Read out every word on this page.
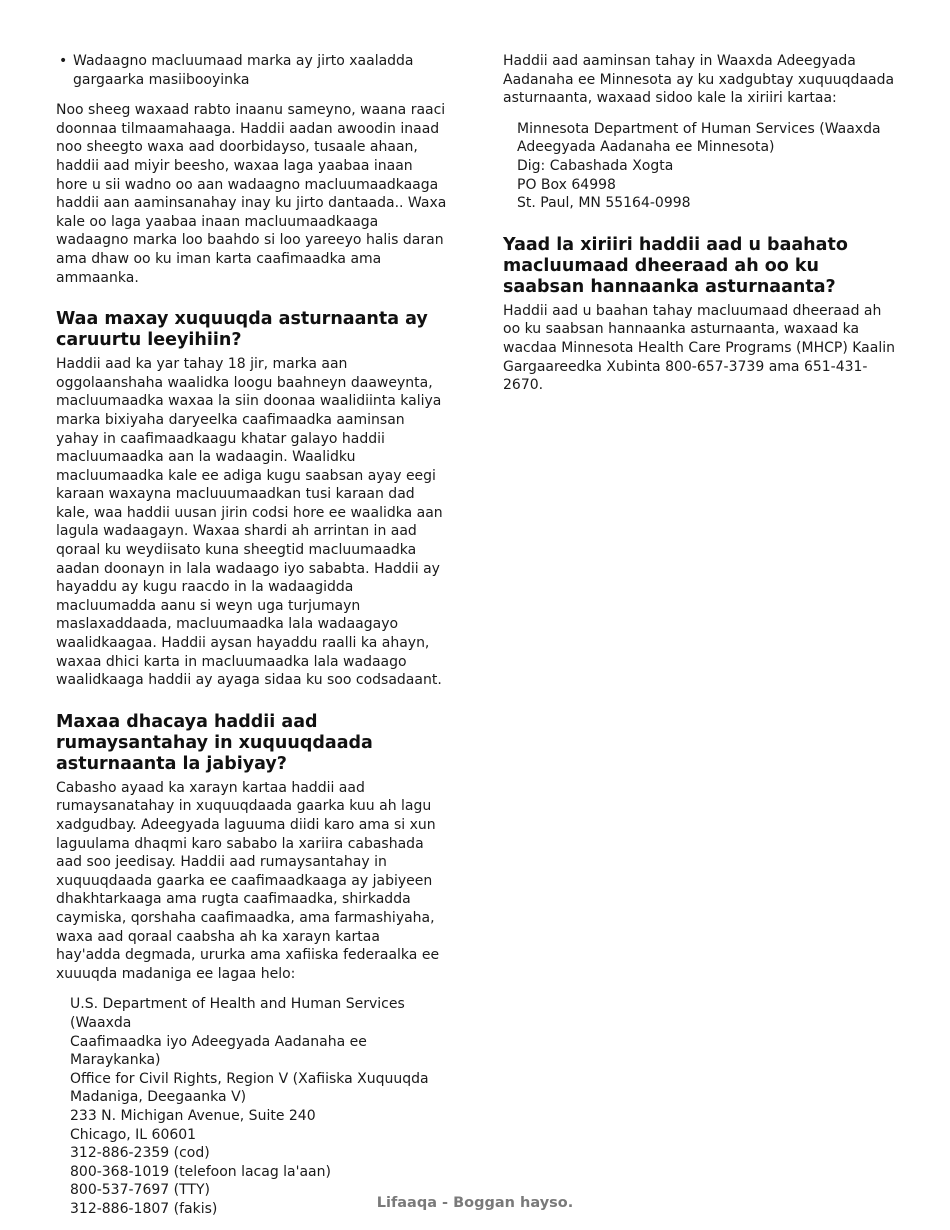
• Wadaagno macluumaad marka ay jirto xaaladda gargaarka masiibooyinka

Noo sheeg waxaad rabto inaanu sameyno, waana raaci doonnaa tilmaamahaaga. Haddii aadan awoodin inaad noo sheegto waxa aad doorbidayso, tusaale ahaan, haddii aad miyir beesho, waxaa laga yaabaa inaan hore u sii wadno oo aan wadaagno macluumaadkaaga haddii aan aaminsanahay inay ku jirto dantaada.. Waxa kale oo laga yaabaa inaan macluumaadkaaga wadaagno marka loo baahdo si loo yareeyo halis daran ama dhaw oo ku iman karta caafimaadka ama ammaanka.

Waa maxay xuquuqda asturnaanta ay caruurtu leeyihiin?

Haddii aad ka yar tahay 18 jir, marka aan oggolaanshaha waalidka loogu baahneyn daaweynta, macluumaadka waxaa la siin doonaa waalidiinta kaliya marka bixiyaha daryeelka caafimaadka aaminsan yahay in caafimaadkaagu khatar galayo haddii macluumaadka aan la wadaagin. Waalidku macluumaadka kale ee adiga kugu saabsan ayay eegi karaan waxayna macluuumaadkan tusi karaan dad kale, waa haddii uusan jirin codsi hore ee waalidka aan lagula wadaagayn. Waxaa shardi ah arrintan in aad qoraal ku weydiisato kuna sheegtid macluumaadka aadan doonayn in lala wadaago iyo sababta. Haddii ay hayaddu ay kugu raacdo in la wadaagidda macluumadda aanu si weyn uga turjumayn maslaxaddaada, macluumaadka lala wadaagayo waalidkaagaa. Haddii aysan hayaddu raalli ka ahayn, waxaa dhici karta in macluumaadka lala wadaago waalidkaaga haddii ay ayaga sidaa ku soo codsadaant.

Maxaa dhacaya haddii aad rumaysantahay in xuquuqdaada asturnaanta la jabiyay?

Cabasho ayaad ka xarayn kartaa haddii aad rumaysanatahay in xuquuqdaada gaarka kuu ah lagu xadgudbay. Adeegyada laguuma diidi karo ama si xun laguulama dhaqmi karo sababo la xariira cabashada aad soo jeedisay. Haddii aad rumaysantahay in xuquuqdaada gaarka ee caafimaadkaaga ay jabiyeen dhakhtarkaaga ama rugta caafimaadka, shirkadda caymiska, qorshaha caafimaadka, ama farmashiyaha, waxa aad qoraal caabsha ah ka xarayn kartaa hay'adda degmada, ururka ama xafiiska federaalka ee xuuuqda madaniga ee lagaa helo:

U.S. Department of Health and Human Services (Waaxda
Caafimaadka iyo Adeegyada Aadanaha ee Maraykanka)
Office for Civil Rights, Region V (Xafiiska Xuquuqda
Madaniga, Deegaanka V)
233 N. Michigan Avenue, Suite 240
Chicago, IL 60601
312-886-2359 (cod)
800-368-1019 (telefoon lacag la'aan)
800-537-7697 (TTY)
312-886-1807 (fakis)

Haddii aad aaminsan tahay in Waaxda Adeegyada Aadanaha ee Minnesota ay ku xadgubtay xuquuqdaada asturnaanta, waxaad sidoo kale la xiriiri kartaa:

Minnesota Department of Human Services (Waaxda
Adeegyada Aadanaha ee Minnesota)
Dig: Cabashada Xogta
PO Box 64998
St. Paul, MN 55164-0998
Yaad la xiriiri haddii aad u baahato macluumaad dheeraad ah oo ku saabsan hannaanka asturnaanta?

Haddii aad u baahan tahay macluumaad dheeraad ah oo ku saabsan hannaanka asturnaanta, waxaad ka wacdaa Minnesota Health Care Programs (MHCP) Kaalin Gargaareedka Xubinta 800-657-3739 ama 651-431-2670.

Lifaaqa - Boggan hayso.
